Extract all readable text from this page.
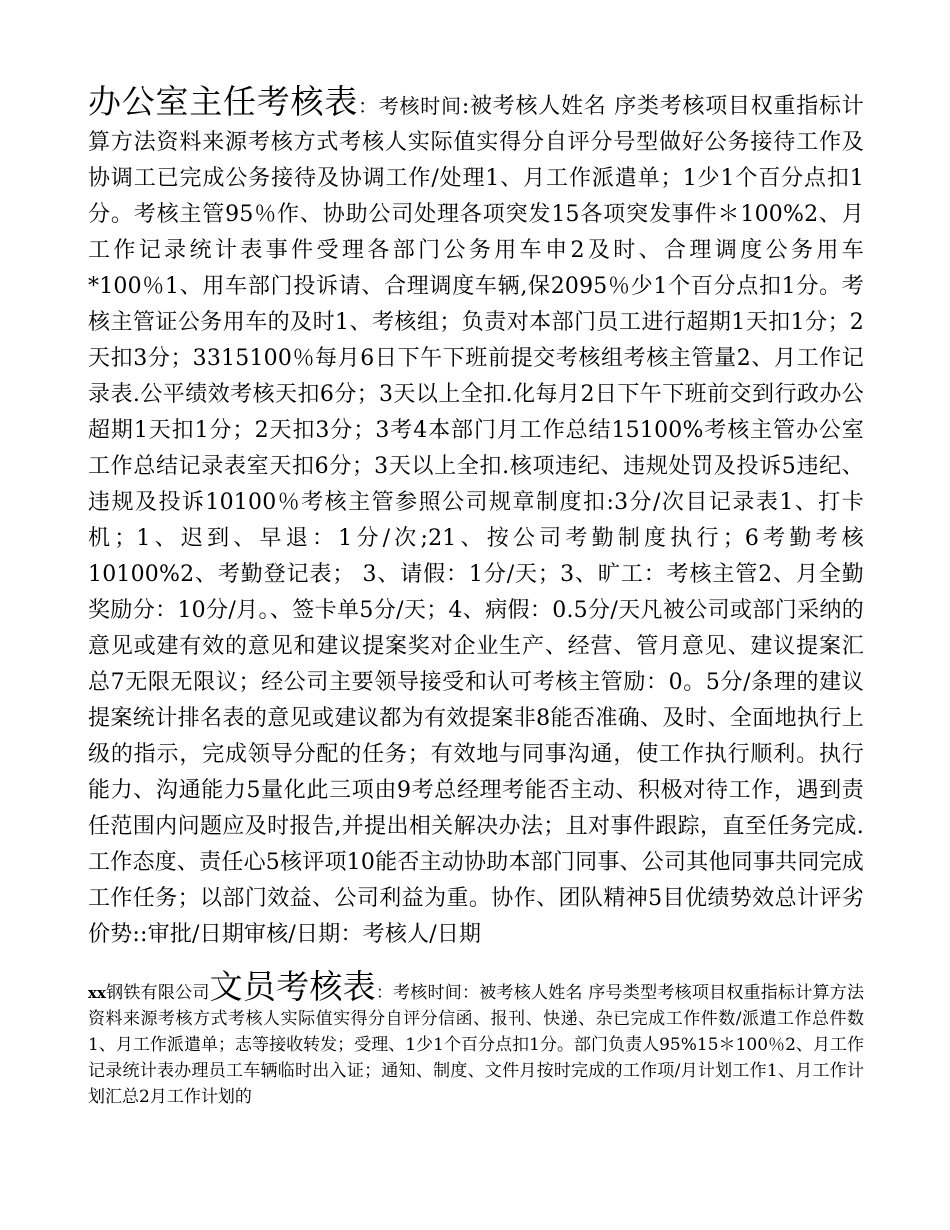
办公室主任考核表：考核时间:被考核人姓名 序类考核项目权重指标计算方法资料来源考核方式考核人实际值实得分自评分号型做好公务接待工作及协调工已完成公务接待及协调工作/处理1、月工作派遣单；1少1个百分点扣1分。考核主管95％作、协助公司处理各项突发15各项突发事件＊100%2、月工作记录统计表事件受理各部门公务用车申2及时、合理调度公务用车*100％1、用车部门投诉请、合理调度车辆,保2095％少1个百分点扣1分。考核主管证公务用车的及时1、考核组；负责对本部门员工进行超期1天扣1分；2天扣3分；3315100％每月6日下午下班前提交考核组考核主管量2、月工作记录表.公平绩效考核天扣6分；3天以上全扣.化每月2日下午下班前交到行政办公超期1天扣1分；2天扣3分；3考4本部门月工作总结15100%考核主管办公室工作总结记录表室天扣6分；3天以上全扣.核项违纪、违规处罚及投诉5违纪、违规及投诉10100％考核主管参照公司规章制度扣:3分/次目记录表1、打卡机；1、迟到、早退：1分/次;21、按公司考勤制度执行；6考勤考核10100%2、考勤登记表； 3、请假：1分/天；3、旷工：考核主管2、月全勤奖励分：10分/月。、签卡单5分/天；4、病假：0.5分/天凡被公司或部门采纳的意见或建有效的意见和建议提案奖对企业生产、经营、管月意见、建议提案汇总7无限无限议；经公司主要领导接受和认可考核主管励：0。5分/条理的建议提案统计排名表的意见或建议都为有效提案非8能否准确、及时、全面地执行上级的指示，完成领导分配的任务；有效地与同事沟通，使工作执行顺利。执行能力、沟通能力5量化此三项由9考总经理考能否主动、积极对待工作，遇到责任范围内问题应及时报告,并提出相关解决办法；且对事件跟踪，直至任务完成.工作态度、责任心5核评项10能否主动协助本部门同事、公司其他同事共同完成工作任务；以部门效益、公司利益为重。协作、团队精神5目优绩势效总计评劣价势::审批/日期审核/日期：考核人/日期

xx钢铁有限公司文员考核表：考核时间：被考核人姓名 序号类型考核项目权重指标计算方法资料来源考核方式考核人实际值实得分自评分信函、报刊、快递、杂已完成工作件数/派遣工作总件数1、月工作派遣单；志等接收转发；受理、1少1个百分点扣1分。部门负责人95%15＊100％2、月工作记录统计表办理员工车辆临时出入证；通知、制度、文件月按时完成的工作项/月计划工作1、月工作计划汇总2月工作计划的
